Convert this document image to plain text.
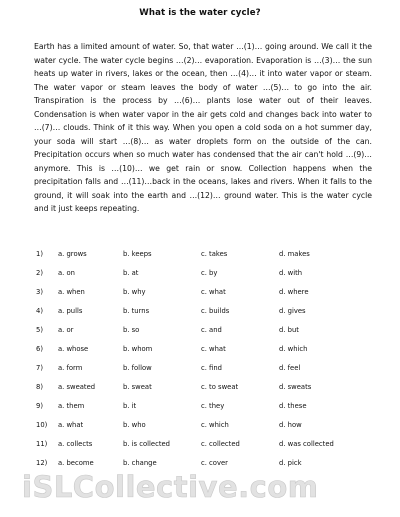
What is the water cycle?

Earth has a limited amount of water. So, that water …(1)… going around. We call it the water cycle. The water cycle begins …(2)… evaporation. Evaporation is …(3)… the sun heats up water in rivers, lakes or the ocean, then …(4)… it into water vapor or steam. The water vapor or steam leaves the body of water …(5)… to go into the air. Transpiration is the process by …(6)… plants lose water out of their leaves. Condensation is when water vapor in the air gets cold and changes back into water to …(7)… clouds. Think of it this way. When you open a cold soda on a hot summer day, your soda will start …(8)… as water droplets form on the outside of the can. Precipitation occurs when so much water has condensed that the air can't hold …(9)… anymore. This is …(10)… we get rain or snow. Collection happens when the precipitation falls and …(11)…back in the oceans, lakes and rivers. When it falls to the ground, it will soak into the earth and …(12)… ground water. This is the water cycle and it just keeps repeating.

1) a. grows	b. keeps	c. takes	d. makes
2) a. on	b. at	c. by	d. with
3) a. when	b. why	c. what	d. where
4) a. pulls	b. turns	c. builds	d. gives
5) a. or	b. so	c. and	d. but
6) a. whose	b. whom	c. what	d. which
7) a. form	b. follow	c. find	d. feel
8) a. sweated	b. sweat	c. to sweat	d. sweats
9) a. them	b. it	c. they	d. these
10) a. what	b. who	c. which	d. how
11) a. collects	b. is collected	c. collected	d. was collected
12) a. become	b. change	c. cover	d. pick
iSLCollective.com
